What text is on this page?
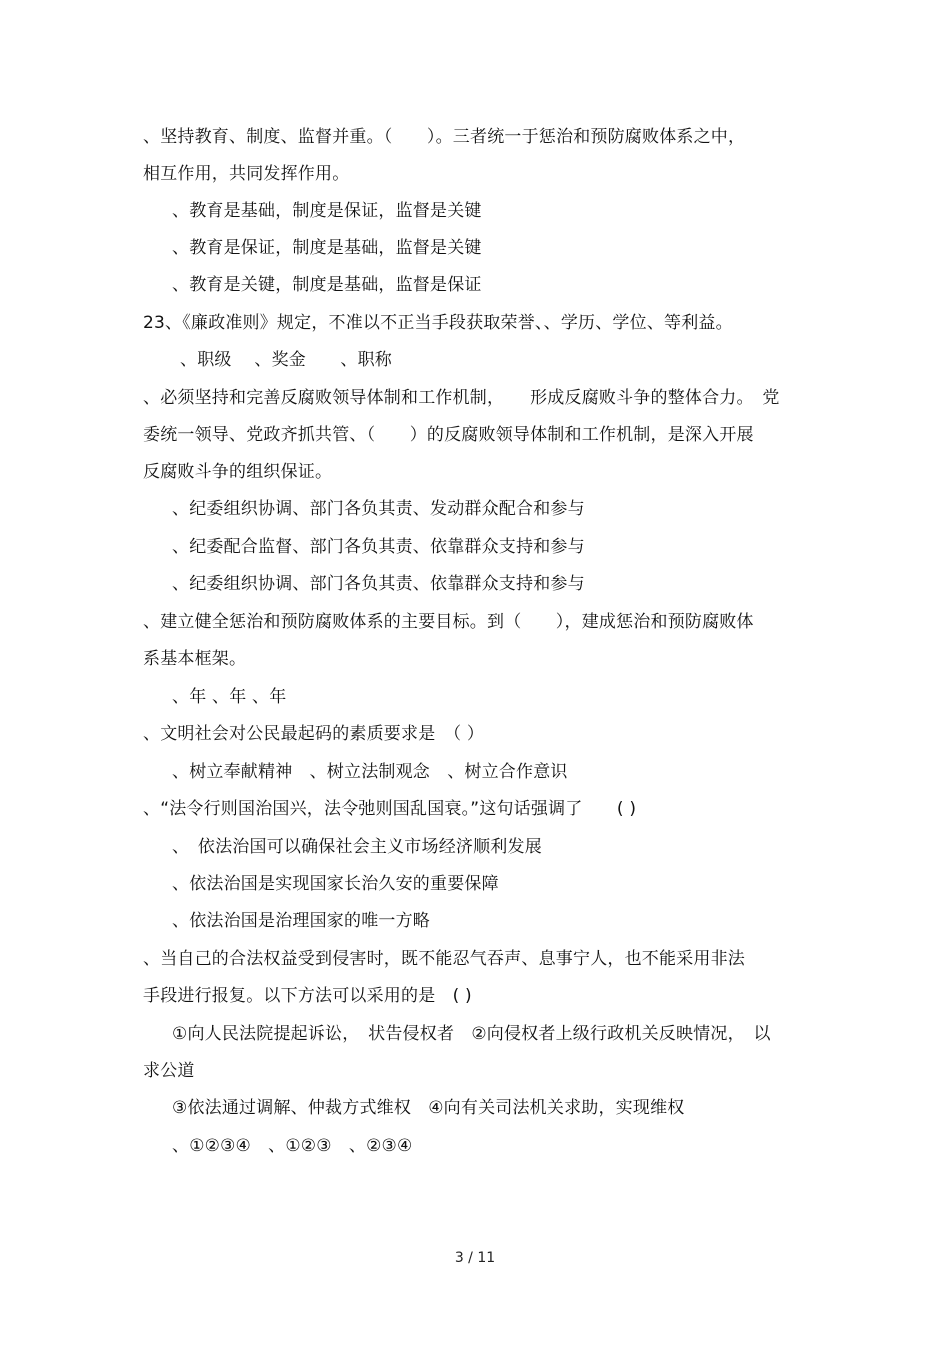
、坚持教育、制度、监督并重。（　　）。三者统一于惩治和预防腐败体系之中，
相互作用，共同发挥作用。
、教育是基础，制度是保证，监督是关键
、教育是保证，制度是基础，监督是关键
、教育是关键，制度是基础，监督是保证
23、《廉政准则》规定，不准以不正当手段获取荣誉、、学历、学位、等利益。
、职级　 、奖金　　、职称
、必须坚持和完善反腐败领导体制和工作机制，　　形成反腐败斗争的整体合力。　党
委统一领导、党政齐抓共管、（　　）的反腐败领导体制和工作机制，是深入开展
反腐败斗争的组织保证。
、纪委组织协调、部门各负其责、发动群众配合和参与
、纪委配合监督、部门各负其责、依靠群众支持和参与
、纪委组织协调、部门各负其责、依靠群众支持和参与
、建立健全惩治和预防腐败体系的主要目标。到（　　），建成惩治和预防腐败体
系基本框架。
、年 、年 、年
、文明社会对公民最起码的素质要求是　（ ）
、树立奉献精神　、树立法制观念　、树立合作意识
、“法令行则国治国兴，法令弛则国乱国衰。”这句话强调了　　( )
、　依法治国可以确保社会主义市场经济顺利发展
、依法治国是实现国家长治久安的重要保障
、依法治国是治理国家的唯一方略
、当自己的合法权益受到侵害时，既不能忍气吞声、息事宁人，也不能采用非法
手段进行报复。以下方法可以采用的是　( )
①向人民法院提起诉讼，　状告侵权者　②向侵权者上级行政机关反映情况，　以
求公道
③依法通过调解、仲裁方式维权　④向有关司法机关求助，实现维权
、①②③④　、①②③　、②③④
3 / 11
